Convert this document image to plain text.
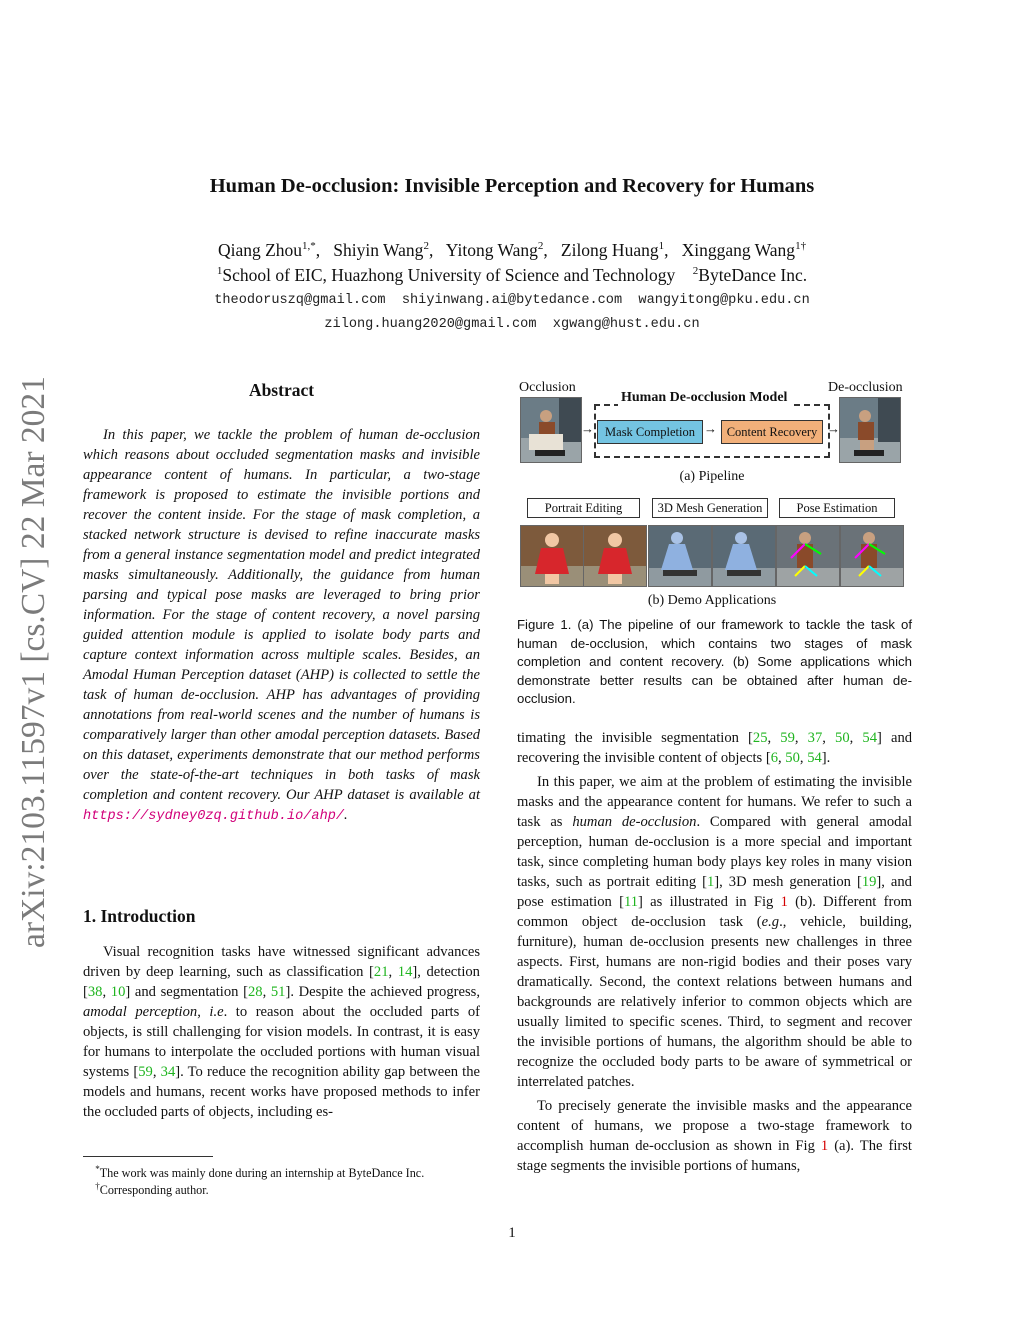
Human De-occlusion: Invisible Perception and Recovery for Humans
Qiang Zhou$^{1,*}$,   Shiyin Wang$^2$,   Yitong Wang$^2$,   Zilong Huang$^1$,   Xinggang Wang$^{1\dagger}$
$^1$School of EIC, Huazhong University of Science and Technology $^2$ByteDance Inc.
theodoruszq@gmail.com  shiyinwang.ai@bytedance.com  wangyitong@pku.edu.cn
zilong.huang2020@gmail.com  xgwang@hust.edu.cn
arXiv:2103.11597v1 [cs.CV] 22 Mar 2021	Abstract

In this paper, we tackle the problem of human de-occlusion which reasons about occluded segmentation masks and invisible appearance content of humans. In particular, a two-stage framework is proposed to estimate the invisible portions and recover the content inside. For the stage of mask completion, a stacked network structure is devised to refine inaccurate masks from a general instance segmentation model and predict integrated masks simultaneously. Additionally, the guidance from human parsing and typical pose masks are leveraged to bring prior information. For the stage of content recovery, a novel parsing guided attention module is applied to isolate body parts and capture context information across multiple scales. Besides, an Amodal Human Perception dataset (AHP) is collected to settle the task of human de-occlusion. AHP has advantages of providing annotations from real-world scenes and the number of humans is comparatively larger than other amodal perception datasets. Based on this dataset, experiments demonstrate that our method performs over the state-of-the-art techniques in both tasks of mask completion and content recovery. Our AHP dataset is available at https://sydney0zq.github.io/ahp/.

1. Introduction

Visual recognition tasks have witnessed significant advances driven by deep learning, such as classification [21, 14], detection [38, 10] and segmentation [28, 51]. Despite the achieved progress, amodal perception, i.e. to reason about the occluded parts of objects, is still challenging for vision models. In contrast, it is easy for humans to interpolate the occluded portions with human visual systems [59, 34]. To reduce the recognition ability gap between the models and humans, recent works have proposed methods to infer the occluded parts of objects, including es-

*The work was mainly done during an internship at ByteDance Inc.
†Corresponding author.
Occlusion	De-occlusion
→
Human De-occlusion Model
Mask Completion → Content Recovery →
(a) Pipeline
Portrait Editing	3D Mesh Generation	Pose Estimation
(b) Demo Applications

Figure 1. (a) The pipeline of our framework to tackle the task of human de-occlusion, which contains two stages of mask completion and content recovery. (b) Some applications which demonstrate better results can be obtained after human de-occlusion.

timating the invisible segmentation [25, 59, 37, 50, 54] and recovering the invisible content of objects [6, 50, 54].

In this paper, we aim at the problem of estimating the invisible masks and the appearance content for humans. We refer to such a task as human de-occlusion. Compared with general amodal perception, human de-occlusion is a more special and important task, since completing human body plays key roles in many vision tasks, such as portrait editing [1], 3D mesh generation [19], and pose estimation [11] as illustrated in Fig 1 (b). Different from common object de-occlusion task (e.g., vehicle, building, furniture), human de-occlusion presents new challenges in three aspects. First, humans are non-rigid bodies and their poses vary dramatically. Second, the context relations between humans and backgrounds are relatively inferior to common objects which are usually limited to specific scenes. Third, to segment and recover the invisible portions of humans, the algorithm should be able to recognize the occluded body parts to be aware of symmetrical or interrelated patches.

To precisely generate the invisible masks and the appearance content of humans, we propose a two-stage framework to accomplish human de-occlusion as shown in Fig 1 (a). The first stage segments the invisible portions of humans,

1
